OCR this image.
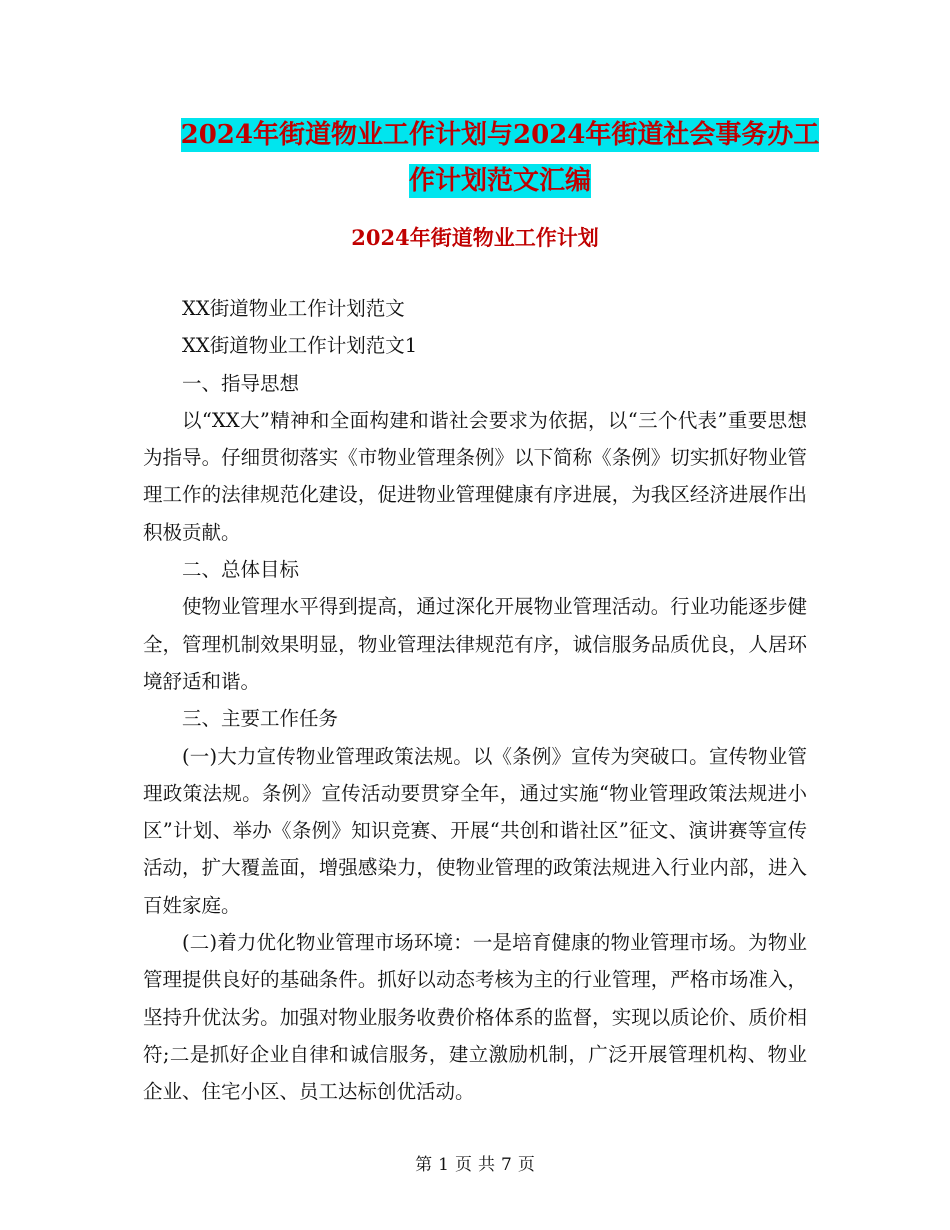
2024年街道物业工作计划与2024年街道社会事务办工
作计划范文汇编
2024年街道物业工作计划

XX街道物业工作计划范文

XX街道物业工作计划范文1

一、指导思想

以“XX大”精神和全面构建和谐社会要求为依据，以“三个代表”重要思想为指导。仔细贯彻落实《市物业管理条例》以下简称《条例》切实抓好物业管理工作的法律规范化建设，促进物业管理健康有序进展，为我区经济进展作出积极贡献。

二、总体目标

使物业管理水平得到提高，通过深化开展物业管理活动。行业功能逐步健全，管理机制效果明显，物业管理法律规范有序，诚信服务品质优良，人居环境舒适和谐。

三、主要工作任务

(一)大力宣传物业管理政策法规。以《条例》宣传为突破口。宣传物业管理政策法规。条例》宣传活动要贯穿全年，通过实施“物业管理政策法规进小区”计划、举办《条例》知识竞赛、开展“共创和谐社区”征文、演讲赛等宣传活动，扩大覆盖面，增强感染力，使物业管理的政策法规进入行业内部，进入百姓家庭。

(二)着力优化物业管理市场环境：一是培育健康的物业管理市场。为物业管理提供良好的基础条件。抓好以动态考核为主的行业管理，严格市场准入，坚持升优汰劣。加强对物业服务收费价格体系的监督，实现以质论价、质价相符;二是抓好企业自律和诚信服务，建立激励机制，广泛开展管理机构、物业企业、住宅小区、员工达标创优活动。

第 1 页 共 7 页
